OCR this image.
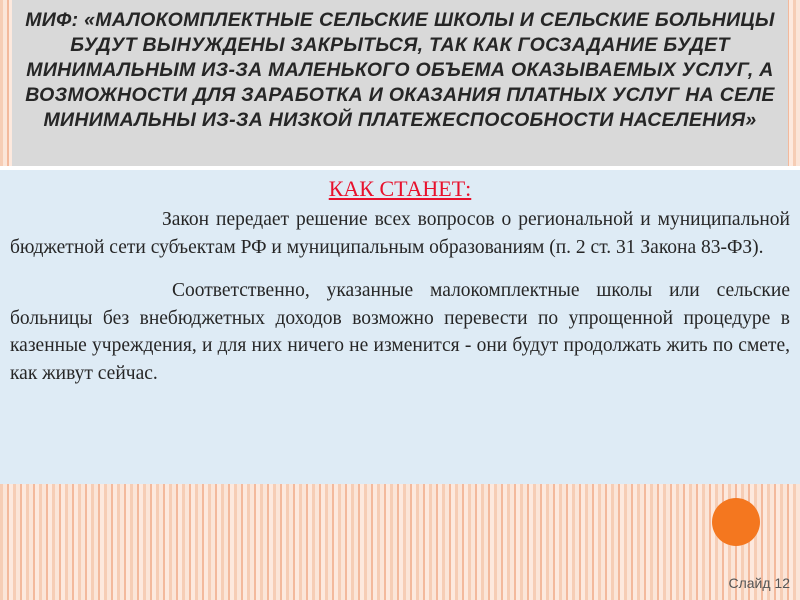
МИФ: «МАЛОКОМПЛЕКТНЫЕ СЕЛЬСКИЕ ШКОЛЫ И СЕЛЬСКИЕ БОЛЬНИЦЫ БУДУТ ВЫНУЖДЕНЫ ЗАКРЫТЬСЯ, ТАК КАК ГОСЗАДАНИЕ БУДЕТ МИНИМАЛЬНЫМ ИЗ-ЗА МАЛЕНЬКОГО ОБЪЕМА ОКАЗЫВАЕМЫХ УСЛУГ, А ВОЗМОЖНОСТИ ДЛЯ ЗАРАБОТКА И ОКАЗАНИЯ ПЛАТНЫХ УСЛУГ НА СЕЛЕ МИНИМАЛЬНЫ ИЗ-ЗА НИЗКОЙ ПЛАТЕЖЕСПОСОБНОСТИ НАСЕЛЕНИЯ»
КАК СТАНЕТ:

Закон передает решение всех вопросов о региональной и муниципальной бюджетной сети субъектам РФ и муниципальным образованиям (п. 2 ст. 31 Закона 83-ФЗ).

Соответственно, указанные малокомплектные школы или сельские больницы без внебюджетных доходов возможно перевести по упрощенной процедуре в казенные учреждения, и для них ничего не изменится - они будут продолжать жить по смете, как живут сейчас.

Слайд 12
